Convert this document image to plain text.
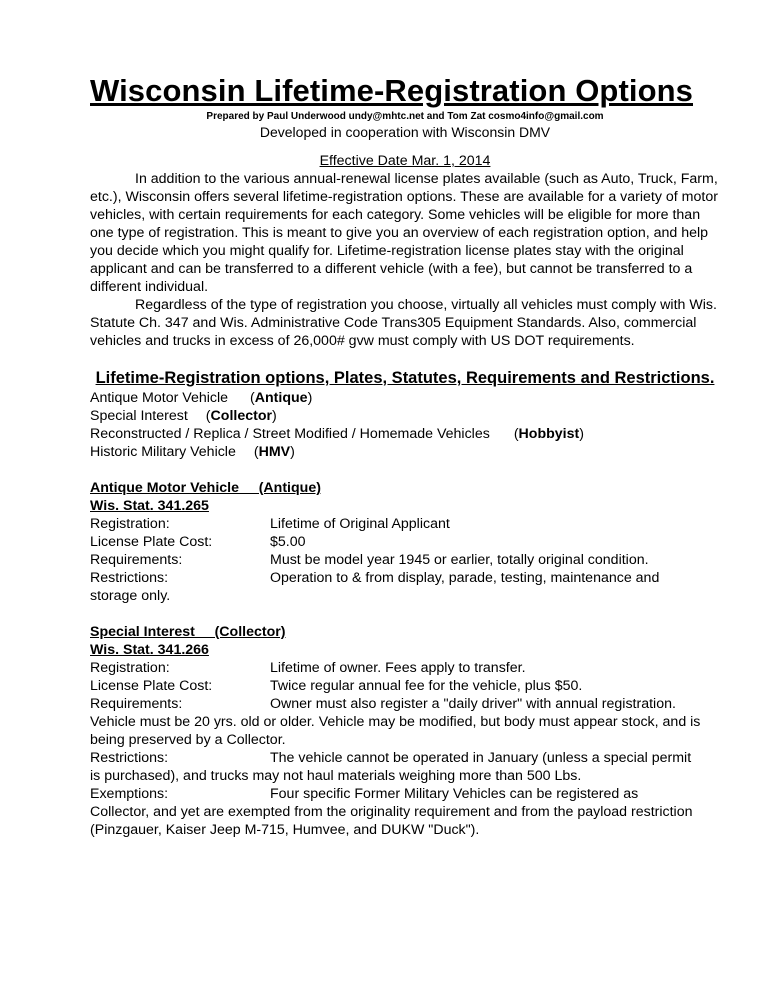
Wisconsin Lifetime-Registration Options
Prepared by Paul Underwood undy@mhtc.net and Tom Zat cosmo4info@gmail.com
Developed in cooperation with Wisconsin DMV
Effective Date Mar. 1, 2014

In addition to the various annual-renewal license plates available (such as Auto, Truck, Farm, etc.), Wisconsin offers several lifetime-registration options. These are available for a variety of motor vehicles, with certain requirements for each category. Some vehicles will be eligible for more than one type of registration. This is meant to give you an overview of each registration option, and help you decide which you might qualify for. Lifetime-registration license plates stay with the original applicant and can be transferred to a different vehicle (with a fee), but cannot be transferred to a different individual.

Regardless of the type of registration you choose, virtually all vehicles must comply with Wis. Statute Ch. 347 and Wis. Administrative Code Trans305 Equipment Standards. Also, commercial vehicles and trucks in excess of 26,000# gvw must comply with US DOT requirements.

Lifetime-Registration options, Plates, Statutes, Requirements and Restrictions.
Antique Motor Vehicle (Antique)
Special Interest (Collector)
Reconstructed / Replica / Street Modified / Homemade Vehicles (Hobbyist)
Historic Military Vehicle (HMV)
Antique Motor Vehicle     (Antique)
Wis. Stat. 341.265
Registration:	Lifetime of Original Applicant
License Plate Cost:	$5.00
Requirements:	Must be model year 1945 or earlier, totally original condition.
Restrictions:	Operation to & from display, parade, testing, maintenance and
storage only.
Special Interest     (Collector)
Wis. Stat. 341.266
Registration:	Lifetime of owner. Fees apply to transfer.
License Plate Cost:	Twice regular annual fee for the vehicle, plus $50.
Requirements:	Owner must also register a "daily driver" with annual registration.
Vehicle must be 20 yrs. old or older. Vehicle may be modified, but body must appear stock, and is being preserved by a Collector.
Restrictions:	The vehicle cannot be operated in January (unless a special permit
is purchased), and trucks may not haul materials weighing more than 500 Lbs.
Exemptions:	Four specific Former Military Vehicles can be registered as
Collector, and yet are exempted from the originality requirement and from the payload restriction (Pinzgauer, Kaiser Jeep M-715, Humvee, and DUKW "Duck").
